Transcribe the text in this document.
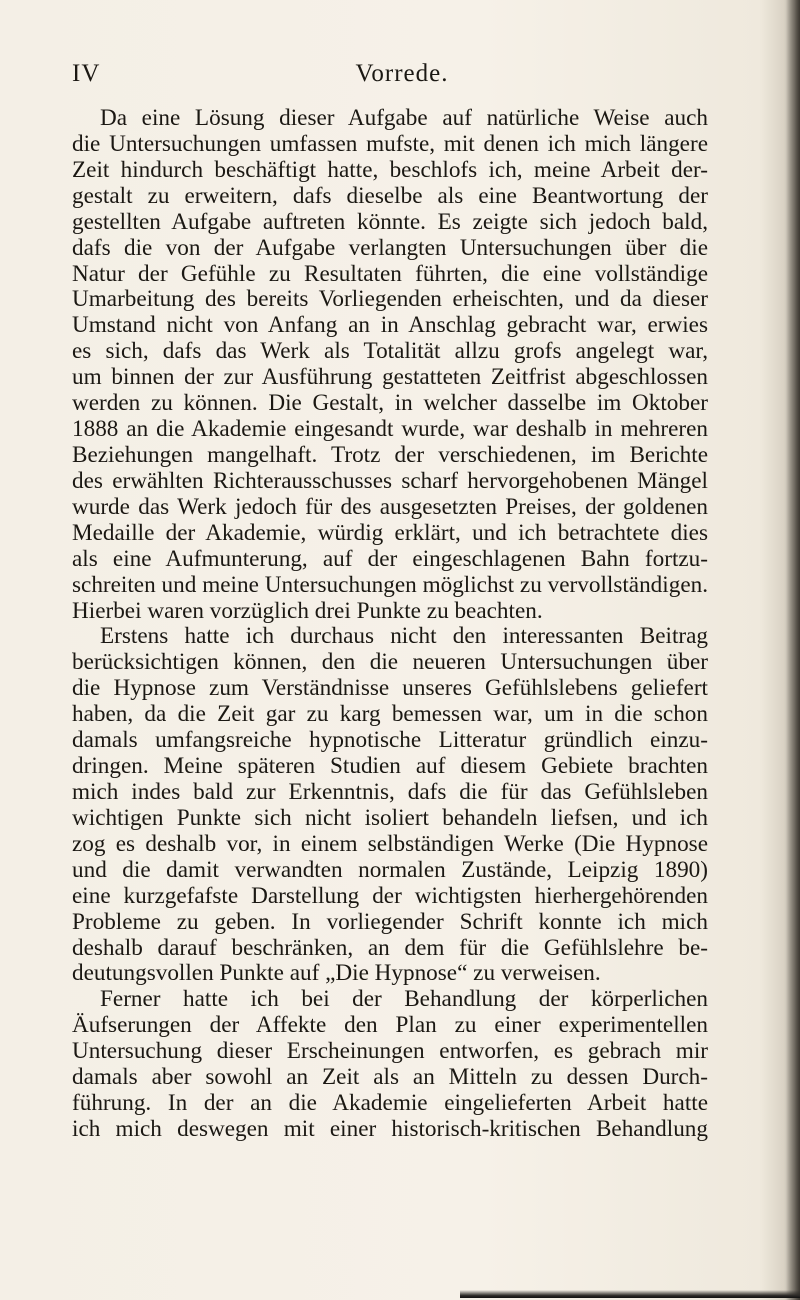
IV	Vorrede.
Da eine Lösung dieser Aufgabe auf natürliche Weise auch
die Untersuchungen umfassen mufste, mit denen ich mich längere
Zeit hindurch beschäftigt hatte, beschlofs ich, meine Arbeit der-
gestalt zu erweitern, dafs dieselbe als eine Beantwortung der
gestellten Aufgabe auftreten könnte. Es zeigte sich jedoch bald,
dafs die von der Aufgabe verlangten Untersuchungen über die
Natur der Gefühle zu Resultaten führten, die eine vollständige
Umarbeitung des bereits Vorliegenden erheischten, und da dieser
Umstand nicht von Anfang an in Anschlag gebracht war, erwies
es sich, dafs das Werk als Totalität allzu grofs angelegt war,
um binnen der zur Ausführung gestatteten Zeitfrist abgeschlossen
werden zu können. Die Gestalt, in welcher dasselbe im Oktober
1888 an die Akademie eingesandt wurde, war deshalb in mehreren
Beziehungen mangelhaft. Trotz der verschiedenen, im Berichte
des erwählten Richterausschusses scharf hervorgehobenen Mängel
wurde das Werk jedoch für des ausgesetzten Preises, der goldenen
Medaille der Akademie, würdig erklärt, und ich betrachtete dies
als eine Aufmunterung, auf der eingeschlagenen Bahn fortzu-
schreiten und meine Untersuchungen möglichst zu vervollständigen.
Hierbei waren vorzüglich drei Punkte zu beachten.
Erstens hatte ich durchaus nicht den interessanten Beitrag
berücksichtigen können, den die neueren Untersuchungen über
die Hypnose zum Verständnisse unseres Gefühlslebens geliefert
haben, da die Zeit gar zu karg bemessen war, um in die schon
damals umfangsreiche hypnotische Litteratur gründlich einzu-
dringen. Meine späteren Studien auf diesem Gebiete brachten
mich indes bald zur Erkenntnis, dafs die für das Gefühlsleben
wichtigen Punkte sich nicht isoliert behandeln liefsen, und ich
zog es deshalb vor, in einem selbständigen Werke (Die Hypnose
und die damit verwandten normalen Zustände, Leipzig 1890)
eine kurzgefafste Darstellung der wichtigsten hierhergehörenden
Probleme zu geben. In vorliegender Schrift konnte ich mich
deshalb darauf beschränken, an dem für die Gefühlslehre be-
deutungsvollen Punkte auf „Die Hypnose“ zu verweisen.
Ferner hatte ich bei der Behandlung der körperlichen
Äufserungen der Affekte den Plan zu einer experimentellen
Untersuchung dieser Erscheinungen entworfen, es gebrach mir
damals aber sowohl an Zeit als an Mitteln zu dessen Durch-
führung. In der an die Akademie eingelieferten Arbeit hatte
ich mich deswegen mit einer historisch-kritischen Behandlung
